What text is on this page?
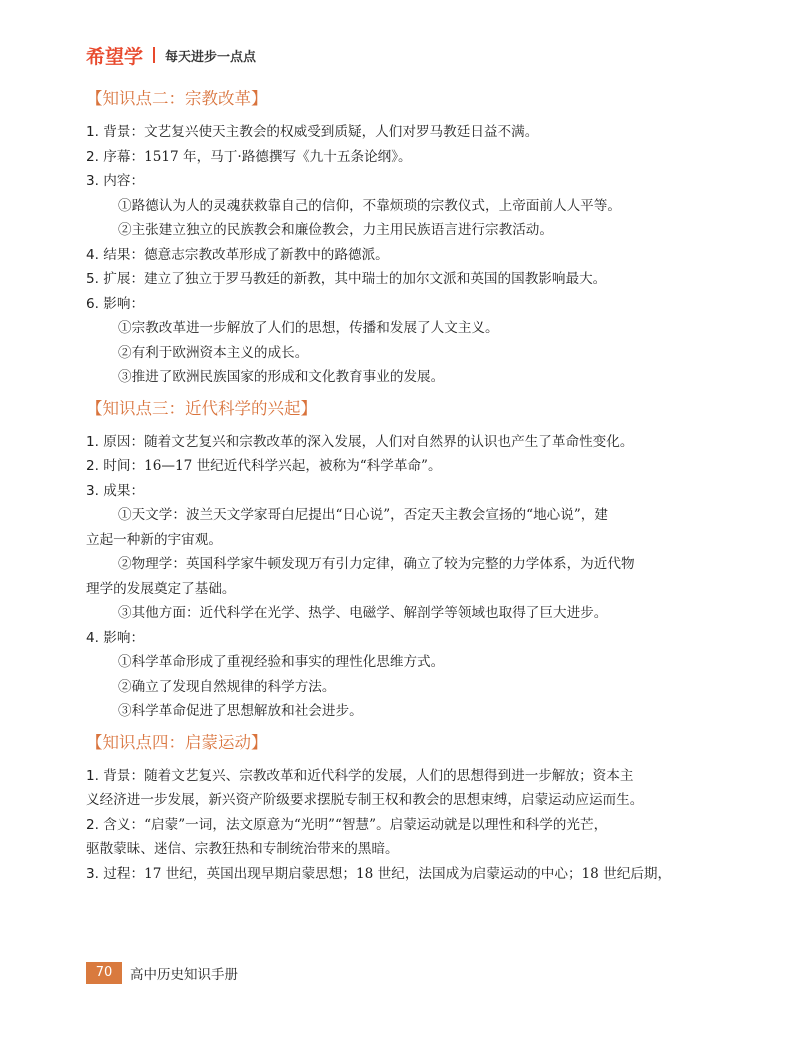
希望学 每天进步一点点
【知识点二：宗教改革】
1. 背景：文艺复兴使天主教会的权威受到质疑，人们对罗马教廷日益不满。
2. 序幕：1517 年，马丁·路德撰写《九十五条论纲》。
3. 内容：
①路德认为人的灵魂获救靠自己的信仰，不靠烦琐的宗教仪式，上帝面前人人平等。
②主张建立独立的民族教会和廉俭教会，力主用民族语言进行宗教活动。
4. 结果：德意志宗教改革形成了新教中的路德派。
5. 扩展：建立了独立于罗马教廷的新教，其中瑞士的加尔文派和英国的国教影响最大。
6. 影响：
①宗教改革进一步解放了人们的思想，传播和发展了人文主义。
②有利于欧洲资本主义的成长。
③推进了欧洲民族国家的形成和文化教育事业的发展。
【知识点三：近代科学的兴起】
1. 原因：随着文艺复兴和宗教改革的深入发展，人们对自然界的认识也产生了革命性变化。
2. 时间：16—17 世纪近代科学兴起，被称为“科学革命”。
3. 成果：
①天文学：波兰天文学家哥白尼提出“日心说”，否定天主教会宣扬的“地心说”，建
立起一种新的宇宙观。
②物理学：英国科学家牛顿发现万有引力定律，确立了较为完整的力学体系，为近代物
理学的发展奠定了基础。
③其他方面：近代科学在光学、热学、电磁学、解剖学等领域也取得了巨大进步。
4. 影响：
①科学革命形成了重视经验和事实的理性化思维方式。
②确立了发现自然规律的科学方法。
③科学革命促进了思想解放和社会进步。
【知识点四：启蒙运动】
1. 背景：随着文艺复兴、宗教改革和近代科学的发展，人们的思想得到进一步解放；资本主
义经济进一步发展，新兴资产阶级要求摆脱专制王权和教会的思想束缚，启蒙运动应运而生。
2. 含义：“启蒙”一词，法文原意为“光明”“智慧”。启蒙运动就是以理性和科学的光芒，
驱散蒙昧、迷信、宗教狂热和专制统治带来的黑暗。
3. 过程：17 世纪，英国出现早期启蒙思想；18 世纪，法国成为启蒙运动的中心；18 世纪后期，
70	高中历史知识手册
